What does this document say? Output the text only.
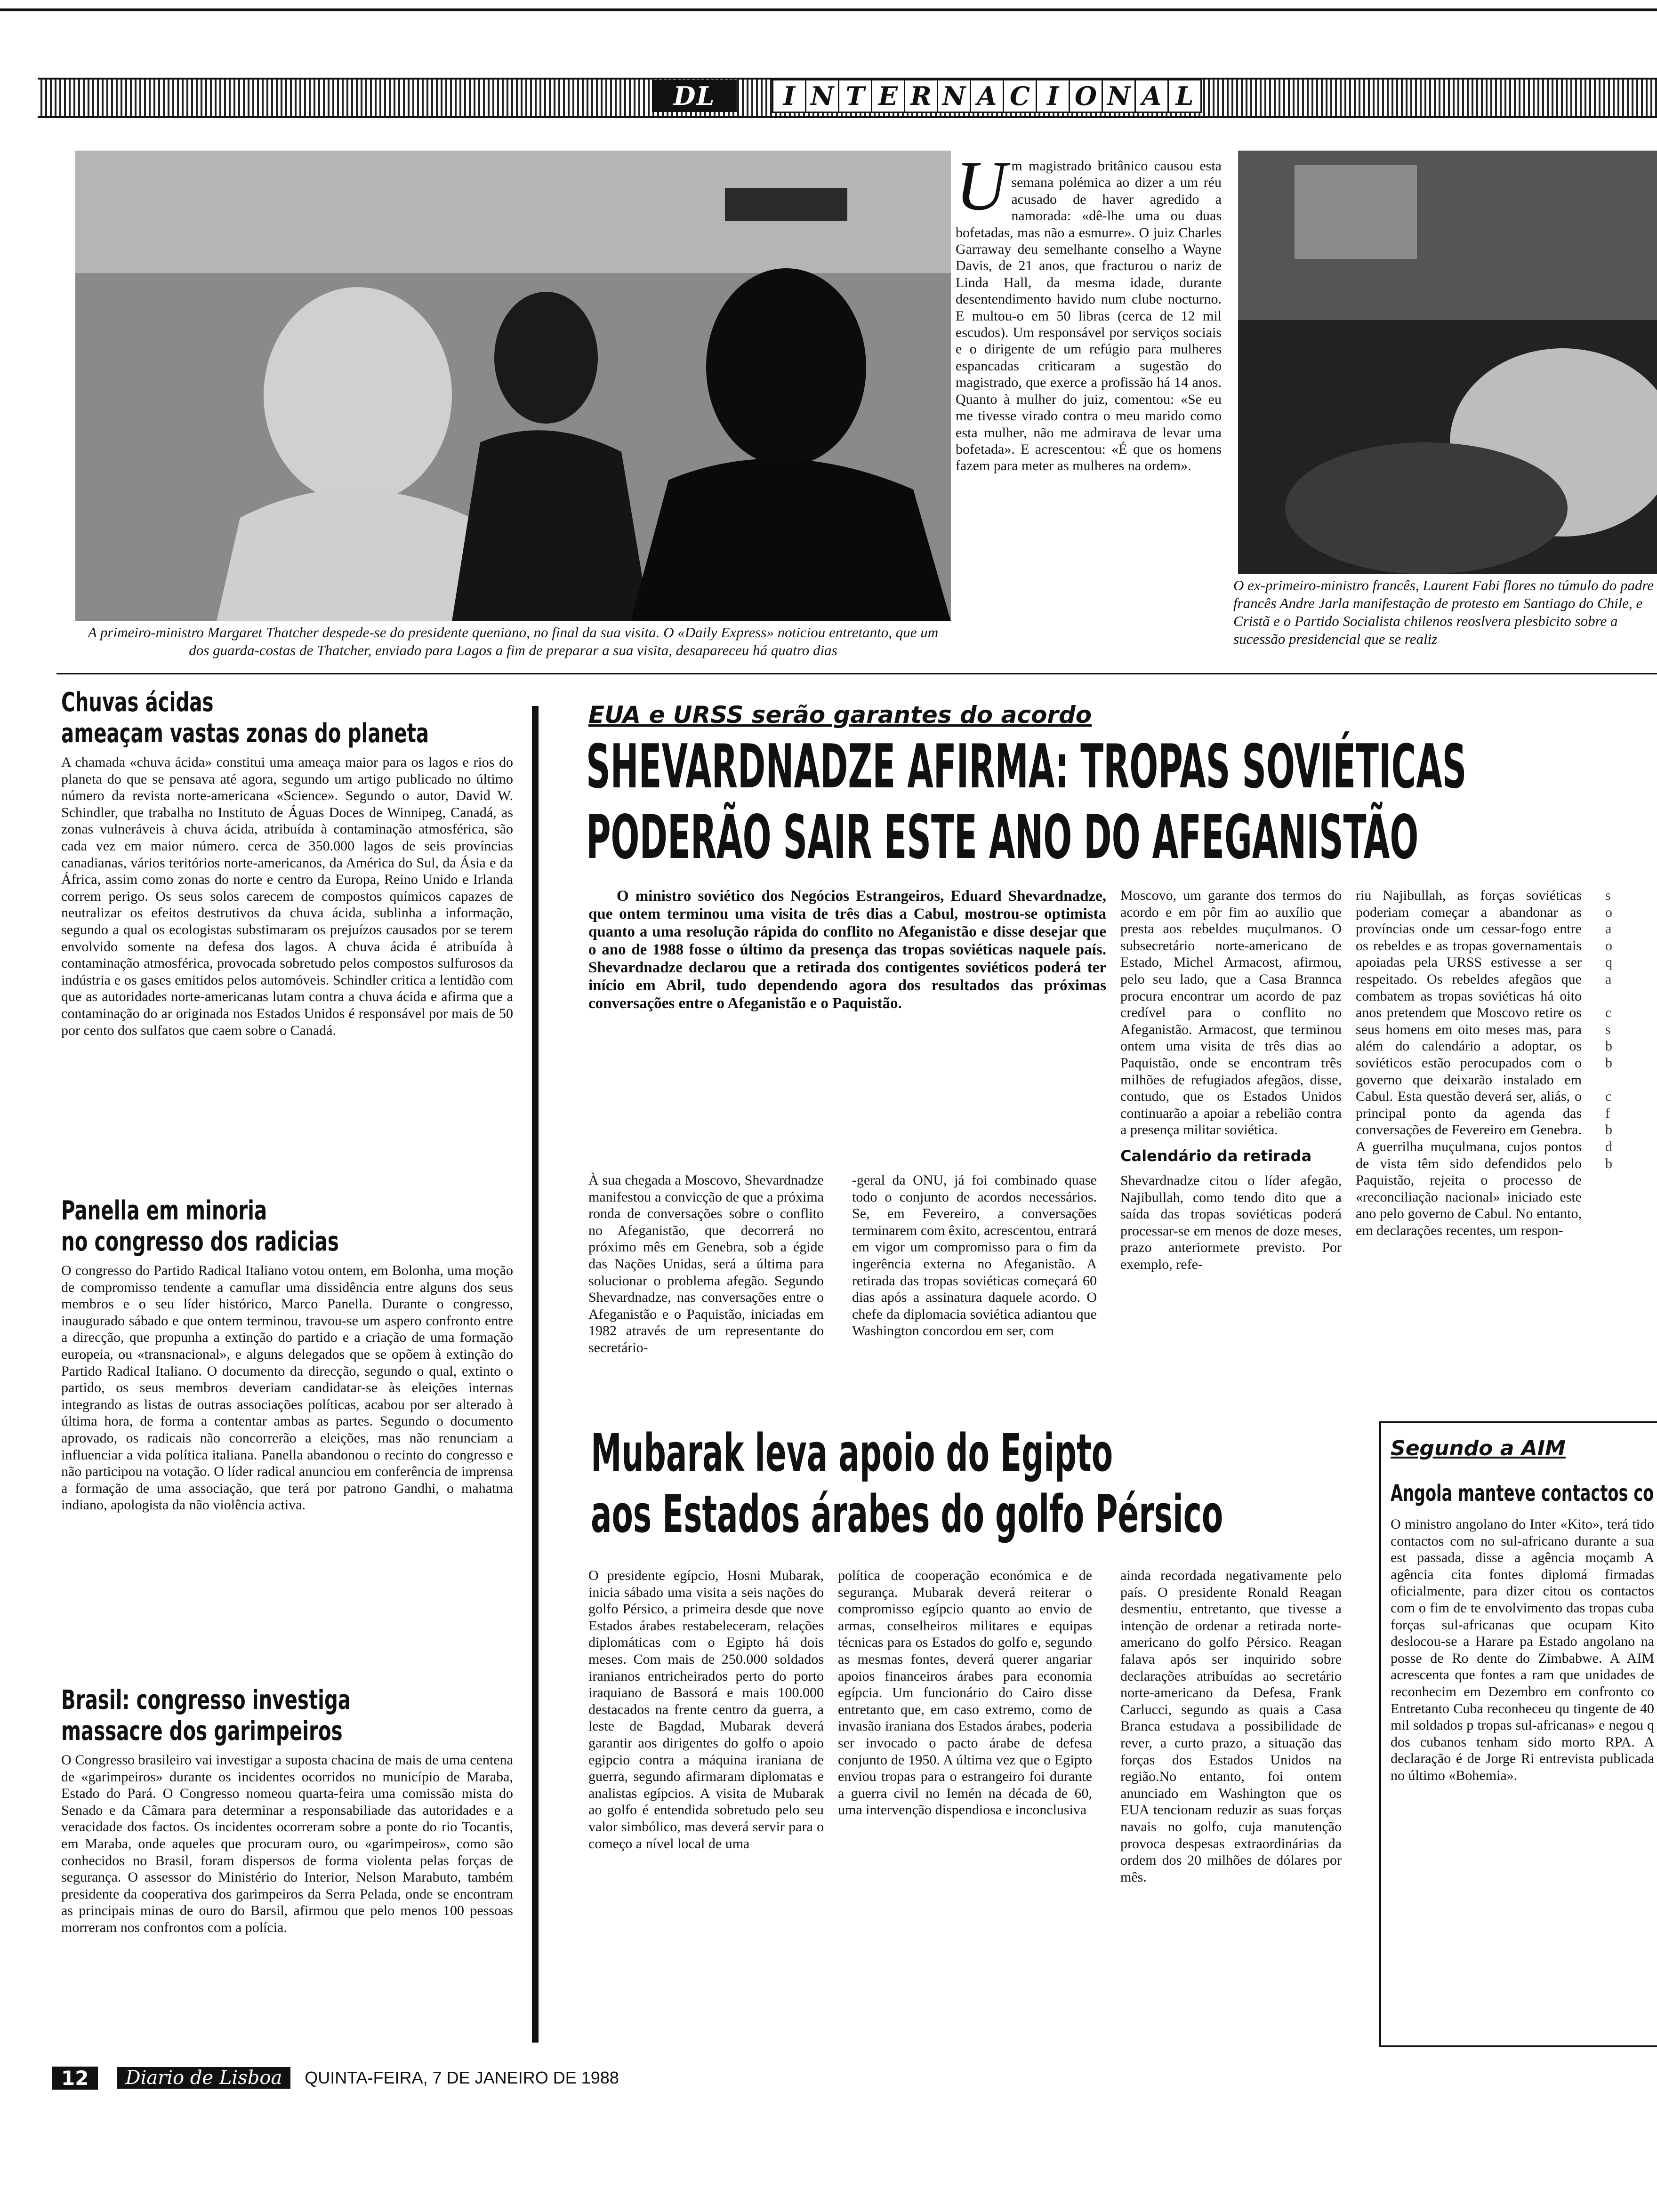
DL	I N T E R N A C I O N A L
A primeiro-ministro Margaret Thatcher despede-se do presidente queniano, no final da sua visita. O «Daily Express» noticiou entretanto, que um dos guarda-costas de Thatcher, enviado para Lagos a fim de preparar a sua visita, desapareceu há quatro dias
U m magistrado britânico causou esta semana polémica ao dizer a um réu acusado de haver agredido a namorada: «dê-lhe uma ou duas bofetadas, mas não a esmurre». O juiz Charles Garraway deu semelhante conselho a Wayne Davis, de 21 anos, que fracturou o nariz de Linda Hall, da mesma idade, durante desentendimento havido num clube nocturno. E multou-o em 50 libras (cerca de 12 mil escudos). Um responsável por serviços sociais e o dirigente de um refúgio para mulheres espancadas criticaram a sugestão do magistrado, que exerce a profissão há 14 anos. Quanto à mulher do juiz, comentou: «Se eu me tivesse virado contra o meu marido como esta mulher, não me admirava de levar uma bofetada». E acrescentou: «É que os homens fazem para meter as mulheres na ordem».
O ex-primeiro-ministro francês, Laurent Fabi flores no túmulo do padre francês Andre Jarla manifestação de protesto em Santiago do Chile, e Cristã e o Partido Socialista chilenos reoslvera plesbicito sobre a sucessão presidencial que se realiz
Chuvas ácidas
ameaçam vastas zonas do planeta
A chamada «chuva ácida» constitui uma ameaça maior para os lagos e rios do planeta do que se pensava até agora, segundo um artigo publicado no último número da revista norte-americana «Science». Segundo o autor, David W. Schindler, que trabalha no Instituto de Águas Doces de Winnipeg, Canadá, as zonas vulneráveis à chuva ácida, atribuída à contaminação atmosférica, são cada vez em maior número. cerca de 350.000 lagos de seis províncias canadianas, vários teritórios norte-americanos, da América do Sul, da Ásia e da África, assim como zonas do norte e centro da Europa, Reino Unido e Irlanda correm perigo. Os seus solos carecem de compostos químicos capazes de neutralizar os efeitos destrutivos da chuva ácida, sublinha a informação, segundo a qual os ecologistas substimaram os prejuízos causados por se terem envolvido somente na defesa dos lagos. A chuva ácida é atribuída à contaminação atmosférica, provocada sobretudo pelos compostos sulfurosos da indústria e os gases emitidos pelos automóveis. Schindler critica a lentidão com que as autoridades norte-americanas lutam contra a chuva ácida e afirma que a contaminação do ar originada nos Estados Unidos é responsável por mais de 50 por cento dos sulfatos que caem sobre o Canadá.
Panella em minoria
no congresso dos radicias
O congresso do Partido Radical Italiano votou ontem, em Bolonha, uma moção de compromisso tendente a camuflar uma dissidência entre alguns dos seus membros e o seu líder histórico, Marco Panella. Durante o congresso, inaugurado sábado e que ontem terminou, travou-se um aspero confronto entre a direcção, que propunha a extinção do partido e a criação de uma formação europeia, ou «transnacional», e alguns delegados que se opõem à extinção do Partido Radical Italiano. O documento da direcção, segundo o qual, extinto o partido, os seus membros deveriam candidatar-se às eleições internas integrando as listas de outras associações políticas, acabou por ser alterado à última hora, de forma a contentar ambas as partes. Segundo o documento aprovado, os radicais não concorrerão a eleições, mas não renunciam a influenciar a vida política italiana. Panella abandonou o recinto do congresso e não participou na votação. O líder radical anunciou em conferência de imprensa a formação de uma associação, que terá por patrono Gandhi, o mahatma indiano, apologista da não violência activa.
Brasil: congresso investiga
massacre dos garimpeiros
O Congresso brasileiro vai investigar a suposta chacina de mais de uma centena de «garimpeiros» durante os incidentes ocorridos no município de Maraba, Estado do Pará. O Congresso nomeou quarta-feira uma comissão mista do Senado e da Câmara para determinar a responsabiliade das autoridades e a veracidade dos factos. Os incidentes ocorreram sobre a ponte do rio Tocantis, em Maraba, onde aqueles que procuram ouro, ou «garimpeiros», como são conhecidos no Brasil, foram dispersos de forma violenta pelas forças de segurança. O assessor do Ministério do Interior, Nelson Marabuto, também presidente da cooperativa dos garimpeiros da Serra Pelada, onde se encontram as principais minas de ouro do Barsil, afirmou que pelo menos 100 pessoas morreram nos confrontos com a polícia.
EUA e URSS serão garantes do acordo
SHEVARDNADZE AFIRMA: TROPAS SOVIÉTICAS
PODERÃO SAIR ESTE ANO DO AFEGANISTÃO
O ministro soviético dos Negócios Estrangeiros, Eduard Shevardnadze, que ontem terminou uma visita de três dias a Cabul, mostrou-se optimista quanto a uma resolução rápida do conflito no Afeganistão e disse desejar que o ano de 1988 fosse o último da presença das tropas soviéticas naquele país. Shevardnadze declarou que a retirada dos contigentes soviéticos poderá ter início em Abril, tudo dependendo agora dos resultados das próximas conversações entre o Afeganistão e o Paquistão.
À sua chegada a Moscovo, Shevardnadze manifestou a convicção de que a próxima ronda de conversações sobre o conflito no Afeganistão, que decorrerá no próximo mês em Genebra, sob a égide das Nações Unidas, será a última para solucionar o problema afegão. Segundo Shevardnadze, nas conversações entre o Afeganistão e o Paquistão, iniciadas em 1982 através de um representante do secretário-
-geral da ONU, já foi combinado quase todo o conjunto de acordos necessários. Se, em Fevereiro, a conversações terminarem com êxito, acrescentou, entrará em vigor um compromisso para o fim da ingerência externa no Afeganistão. A retirada das tropas soviéticas começará 60 dias após a assinatura daquele acordo. O chefe da diplomacia soviética adiantou que Washington concordou em ser, com
Moscovo, um garante dos termos do acordo e em pôr fim ao auxílio que presta aos rebeldes muçulmanos. O subsecretário norte-americano de Estado, Michel Armacost, afirmou, pelo seu lado, que a Casa Brannca procura encontrar um acordo de paz credível para o conflito no Afeganistão. Armacost, que terminou ontem uma visita de três dias ao Paquistão, onde se encontram três milhões de refugiados afegãos, disse, contudo, que os Estados Unidos continuarão a apoiar a rebelião contra a presença militar soviética.
Calendário da retirada
Shevardnadze citou o líder afegão, Najibullah, como tendo dito que a saída das tropas soviéticas poderá processar-se em menos de doze meses, prazo anteriormete previsto. Por exemplo, refe-
riu Najibullah, as forças soviéticas poderiam começar a abandonar as províncias onde um cessar-fogo entre os rebeldes e as tropas governamentais apoiadas pela URSS estivesse a ser respeitado. Os rebeldes afegãos que combatem as tropas soviéticas há oito anos pretendem que Moscovo retire os seus homens em oito meses mas, para além do calendário a adoptar, os soviéticos estão perocupados com o governo que deixarão instalado em Cabul. Esta questão deverá ser, aliás, o principal ponto da agenda das conversações de Fevereiro em Genebra. A guerrilha muçulmana, cujos pontos de vista têm sido defendidos pelo Paquistão, rejeita o processo de «reconciliação nacional» iniciado este ano pelo governo de Cabul. No entanto, em declarações recentes, um respon-
s
o
a
o
q
a

c
s
b
b

c
f
b
d
b
Mubarak leva apoio do Egipto
aos Estados árabes do golfo Pérsico
O presidente egípcio, Hosni Mubarak, inicia sábado uma visita a seis nações do golfo Pérsico, a primeira desde que nove Estados árabes restabeleceram, relações diplomáticas com o Egipto há dois meses. Com mais de 250.000 soldados iranianos entricheirados perto do porto iraquiano de Bassorá e mais 100.000 destacados na frente centro da guerra, a leste de Bagdad, Mubarak deverá garantir aos dirigentes do golfo o apoio egipcio contra a máquina iraniana de guerra, segundo afirmaram diplomatas e analistas egípcios. A visita de Mubarak ao golfo é entendida sobretudo pelo seu valor simbólico, mas deverá servir para o começo a nível local de uma
política de cooperação económica e de segurança. Mubarak deverá reiterar o compromisso egípcio quanto ao envio de armas, conselheiros militares e equipas técnicas para os Estados do golfo e, segundo as mesmas fontes, deverá querer angariar apoios financeiros árabes para economia egípcia. Um funcionário do Cairo disse entretanto que, em caso extremo, como de invasão iraniana dos Estados árabes, poderia ser invocado o pacto árabe de defesa conjunto de 1950. A última vez que o Egipto enviou tropas para o estrangeiro foi durante a guerra civil no Iemén na década de 60, uma intervenção dispendiosa e inconclusiva
ainda recordada negativamente pelo país. O presidente Ronald Reagan desmentiu, entretanto, que tivesse a intenção de ordenar a retirada norte-americano do golfo Pérsico. Reagan falava após ser inquirido sobre declarações atribuídas ao secretário norte-americano da Defesa, Frank Carlucci, segundo as quais a Casa Branca estudava a possibilidade de rever, a curto prazo, a situação das forças dos Estados Unidos na região.No entanto, foi ontem anunciado em Washington que os EUA tencionam reduzir as suas forças navais no golfo, cuja manutenção provoca despesas extraordinárias da ordem dos 20 milhões de dólares por mês.
Segundo a AIM
Angola manteve contactos co
O ministro angolano do Inter «Kito», terá tido contactos com no sul-africano durante a sua est passada, disse a agência moçamb A agência cita fontes diplomá firmadas oficialmente, para dizer citou os contactos com o fim de te envolvimento das tropas cuba forças sul-africanas que ocupam Kito deslocou-se a Harare pa Estado angolano na posse de Ro dente do Zimbabwe. A AIM acrescenta que fontes a ram que unidades de reconhecim em Dezembro em confronto co Entretanto Cuba reconheceu qu tingente de 40 mil soldados p tropas sul-africanas» e negou q dos cubanos tenham sido morto RPA. A declaração é de Jorge Ri entrevista publicada no último «Bohemia».
12	Diario de Lisboa	QUINTA-FEIRA, 7 DE JANEIRO DE 1988
